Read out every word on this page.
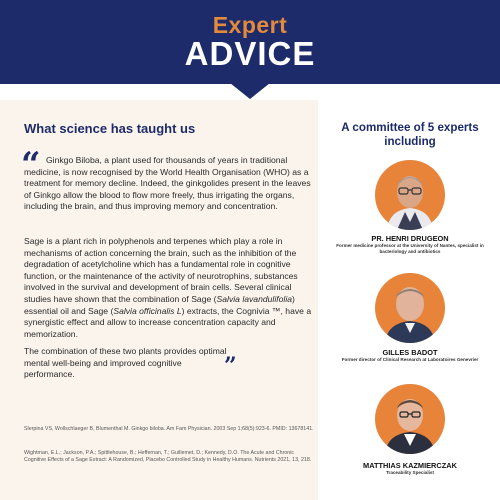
Expert
ADVICE
What science has taught us
“ Ginkgo Biloba, a plant used for thousands of years in traditional medicine, is now recognised by the World Health Organisation (WHO) as a treatment for memory decline. Indeed, the ginkgolides present in the leaves of Ginkgo allow the blood to flow more freely, thus irrigating the organs, including the brain, and thus improving memory and concentration.

Sage is a plant rich in polyphenols and terpenes which play a role in mechanisms of action concerning the brain, such as the inhibition of the degradation of acetylcholine which has a fundamental role in cognitive function, or the maintenance of the activity of neurotrophins, substances involved in the survival and development of brain cells. Several clinical studies have shown that the combination of Sage (Salvia lavandulifolia) essential oil and Sage (Salvia officinalis L) extracts, the Cognivia ™, have a synergistic effect and allow to increase concentration capacity and memorization.

The combination of these two plants provides optimal mental well-being and improved cognitive performance.	”

Slerpina VS, Wollschlaeger B, Blumenthal M. Ginkgo biloba. Am Fam Physician. 2003 Sep 1;68(5):923-6. PMID: 13678141.

Wightman, E.L.; Jackson, P.A.; Spittlehouse, B.; Heffernan, T.; Guillemet, D.; Kennedy, D.O. The Acute and Chronic Cognitive Effects of a Sage Extract: A Randomized, Placebo Controlled Study in Healthy Humans. Nutrients 2021, 13, 218.

A committee of 5 experts including
PR. HENRI DRUGEON
Former medicine professor at the University of Nantes, specialist in bacteriology and antibiotics
GILLES BADOT
Former director of Clinical Research at Laboratoires Genevrier
MATTHIAS KAZMIERCZAK
Traceability Specialist
